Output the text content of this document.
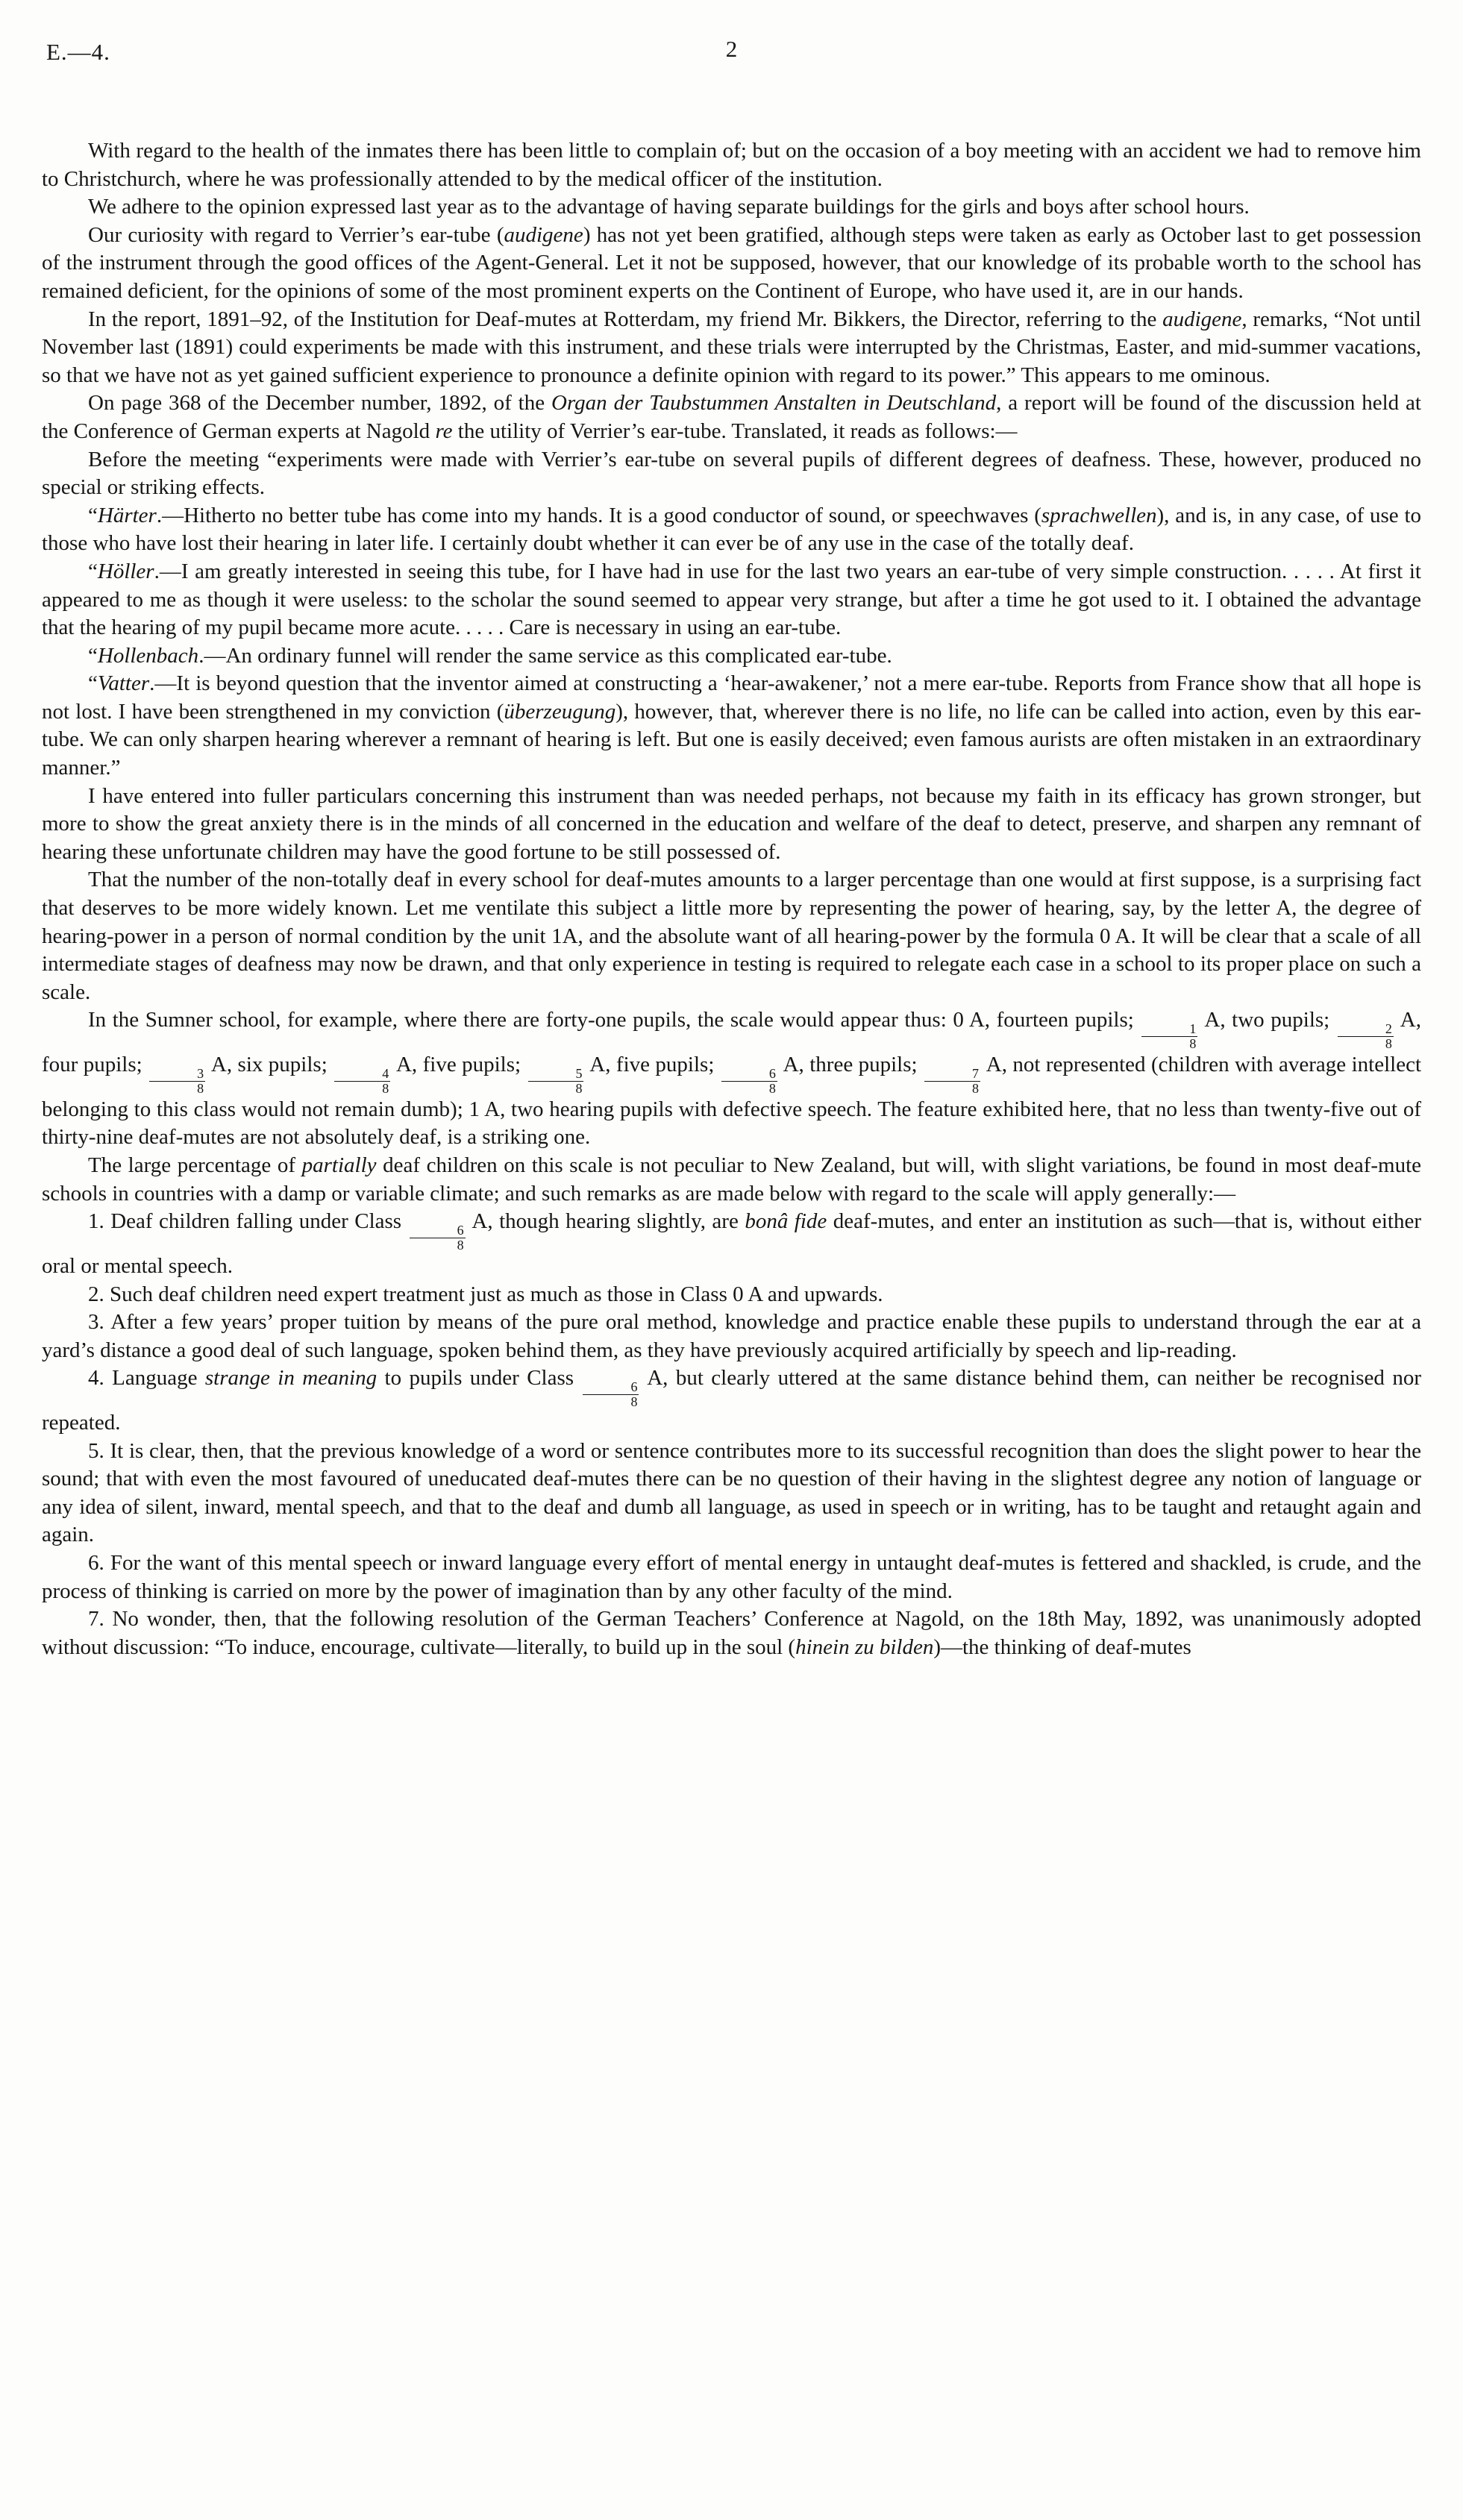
E.—4.	2

With regard to the health of the inmates there has been little to complain of; but on the occasion of a boy meeting with an accident we had to remove him to Christchurch, where he was professionally attended to by the medical officer of the institution.

We adhere to the opinion expressed last year as to the advantage of having separate buildings for the girls and boys after school hours.

Our curiosity with regard to Verrier’s ear-tube (audigene) has not yet been gratified, although steps were taken as early as October last to get possession of the instrument through the good offices of the Agent-General. Let it not be supposed, however, that our knowledge of its probable worth to the school has remained deficient, for the opinions of some of the most prominent experts on the Continent of Europe, who have used it, are in our hands.

In the report, 1891–92, of the Institution for Deaf-mutes at Rotterdam, my friend Mr. Bikkers, the Director, referring to the audigene, remarks, “Not until November last (1891) could experiments be made with this instrument, and these trials were interrupted by the Christmas, Easter, and mid-summer vacations, so that we have not as yet gained sufficient experience to pronounce a definite opinion with regard to its power.” This appears to me ominous.

On page 368 of the December number, 1892, of the Organ der Taubstummen Anstalten in Deutschland, a report will be found of the discussion held at the Conference of German experts at Nagold re the utility of Verrier’s ear-tube. Translated, it reads as follows:—

Before the meeting “experiments were made with Verrier’s ear-tube on several pupils of different degrees of deafness. These, however, produced no special or striking effects.

“Härter.—Hitherto no better tube has come into my hands. It is a good conductor of sound, or speechwaves (sprachwellen), and is, in any case, of use to those who have lost their hearing in later life. I certainly doubt whether it can ever be of any use in the case of the totally deaf.

“Höller.—I am greatly interested in seeing this tube, for I have had in use for the last two years an ear-tube of very simple construction. . . . . At first it appeared to me as though it were useless: to the scholar the sound seemed to appear very strange, but after a time he got used to it. I obtained the advantage that the hearing of my pupil became more acute. . . . . Care is necessary in using an ear-tube.

“Hollenbach.—An ordinary funnel will render the same service as this complicated ear-tube.

“Vatter.—It is beyond question that the inventor aimed at constructing a ‘hear-awakener,’ not a mere ear-tube. Reports from France show that all hope is not lost. I have been strengthened in my conviction (überzeugung), however, that, wherever there is no life, no life can be called into action, even by this ear-tube. We can only sharpen hearing wherever a remnant of hearing is left. But one is easily deceived; even famous aurists are often mistaken in an extraordinary manner.”

I have entered into fuller particulars concerning this instrument than was needed perhaps, not because my faith in its efficacy has grown stronger, but more to show the great anxiety there is in the minds of all concerned in the education and welfare of the deaf to detect, preserve, and sharpen any remnant of hearing these unfortunate children may have the good fortune to be still possessed of.

That the number of the non-totally deaf in every school for deaf-mutes amounts to a larger percentage than one would at first suppose, is a surprising fact that deserves to be more widely known. Let me ventilate this subject a little more by representing the power of hearing, say, by the letter A, the degree of hearing-power in a person of normal condition by the unit 1A, and the absolute want of all hearing-power by the formula 0 A. It will be clear that a scale of all intermediate stages of deafness may now be drawn, and that only experience in testing is required to relegate each case in a school to its proper place on such a scale.

In the Sumner school, for example, where there are forty-one pupils, the scale would appear thus: 0 A, fourteen pupils;
$\frac{1}{8}$
A, two pupils;
$\frac{2}{8}$
A, four pupils;
$\frac{3}{8}$
A, six pupils;
$\frac{4}{8}$
A, five pupils;
$\frac{5}{8}$
A, five pupils;
$\frac{6}{8}$
A, three pupils;
$\frac{7}{8}$
A, not represented (children with average intellect belonging to this class would not remain dumb); 1 A, two hearing pupils with defective speech. The feature exhibited here, that no less than twenty-five out of thirty-nine deaf-mutes are not absolutely deaf, is a striking one.

The large percentage of partially deaf children on this scale is not peculiar to New Zealand, but will, with slight variations, be found in most deaf-mute schools in countries with a damp or variable climate; and such remarks as are made below with regard to the scale will apply generally:—

1. Deaf children falling under Class
$\frac{6}{8}$
A, though hearing slightly, are bonâ fide deaf-mutes, and enter an institution as such—that is, without either oral or mental speech.

2. Such deaf children need expert treatment just as much as those in Class 0 A and upwards.

3. After a few years’ proper tuition by means of the pure oral method, knowledge and practice enable these pupils to understand through the ear at a yard’s distance a good deal of such language, spoken behind them, as they have previously acquired artificially by speech and lip-reading.

4. Language strange in meaning to pupils under Class
$\frac{6}{8}$
A, but clearly uttered at the same distance behind them, can neither be recognised nor repeated.

5. It is clear, then, that the previous knowledge of a word or sentence contributes more to its successful recognition than does the slight power to hear the sound; that with even the most favoured of uneducated deaf-mutes there can be no question of their having in the slightest degree any notion of language or any idea of silent, inward, mental speech, and that to the deaf and dumb all language, as used in speech or in writing, has to be taught and retaught again and again.

6. For the want of this mental speech or inward language every effort of mental energy in untaught deaf-mutes is fettered and shackled, is crude, and the process of thinking is carried on more by the power of imagination than by any other faculty of the mind.

7. No wonder, then, that the following resolution of the German Teachers’ Conference at Nagold, on the 18th May, 1892, was unanimously adopted without discussion: “To induce, encourage, cultivate—literally, to build up in the soul (hinein zu bilden)—the thinking of deaf-mutes
